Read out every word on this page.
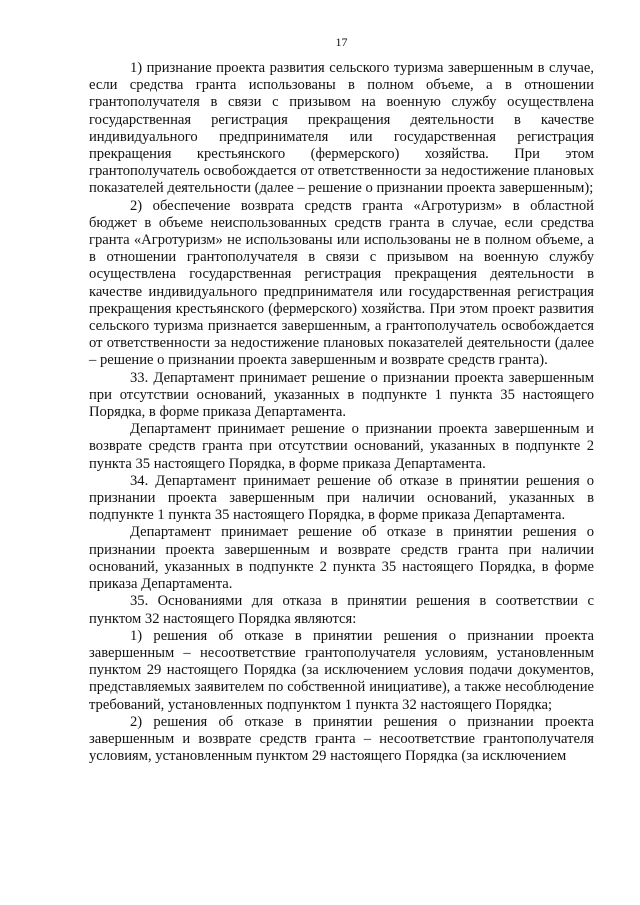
17

1) признание проекта развития сельского туризма завершенным в случае, если средства гранта использованы в полном объеме, а в отношении грантополучателя в связи с призывом на военную службу осуществлена государственная регистрация прекращения деятельности в качестве индивидуального предпринимателя или государственная регистрация прекращения крестьянского (фермерского) хозяйства. При этом грантополучатель освобождается от ответственности за недостижение плановых показателей деятельности (далее – решение о признании проекта завершенным);

2) обеспечение возврата средств гранта «Агротуризм» в областной бюджет в объеме неиспользованных средств гранта в случае, если средства гранта «Агротуризм» не использованы или использованы не в полном объеме, а в отношении грантополучателя в связи с призывом на военную службу осуществлена государственная регистрация прекращения деятельности в качестве индивидуального предпринимателя или государственная регистрация прекращения крестьянского (фермерского) хозяйства. При этом проект развития сельского туризма признается завершенным, а грантополучатель освобождается от ответственности за недостижение плановых показателей деятельности (далее – решение о признании проекта завершенным и возврате средств гранта).

33. Департамент принимает решение о признании проекта завершенным при отсутствии оснований, указанных в подпункте 1 пункта 35 настоящего Порядка, в форме приказа Департамента.

Департамент принимает решение о признании проекта завершенным и возврате средств гранта при отсутствии оснований, указанных в подпункте 2 пункта 35 настоящего Порядка, в форме приказа Департамента.

34. Департамент принимает решение об отказе в принятии решения о признании проекта завершенным при наличии оснований, указанных в подпункте 1 пункта 35 настоящего Порядка, в форме приказа Департамента.

Департамент принимает решение об отказе в принятии решения о признании проекта завершенным и возврате средств гранта при наличии оснований, указанных в подпункте 2 пункта 35 настоящего Порядка, в форме приказа Департамента.

35. Основаниями для отказа в принятии решения в соответствии с пунктом 32 настоящего Порядка являются:

1) решения об отказе в принятии решения о признании проекта завершенным – несоответствие грантополучателя условиям, установленным пунктом 29 настоящего Порядка (за исключением условия подачи документов, представляемых заявителем по собственной инициативе), а также несоблюдение требований, установленных подпунктом 1 пункта 32 настоящего Порядка;

2) решения об отказе в принятии решения о признании проекта завершенным и возврате средств гранта – несоответствие грантополучателя условиям, установленным пунктом 29 настоящего Порядка (за исключением
